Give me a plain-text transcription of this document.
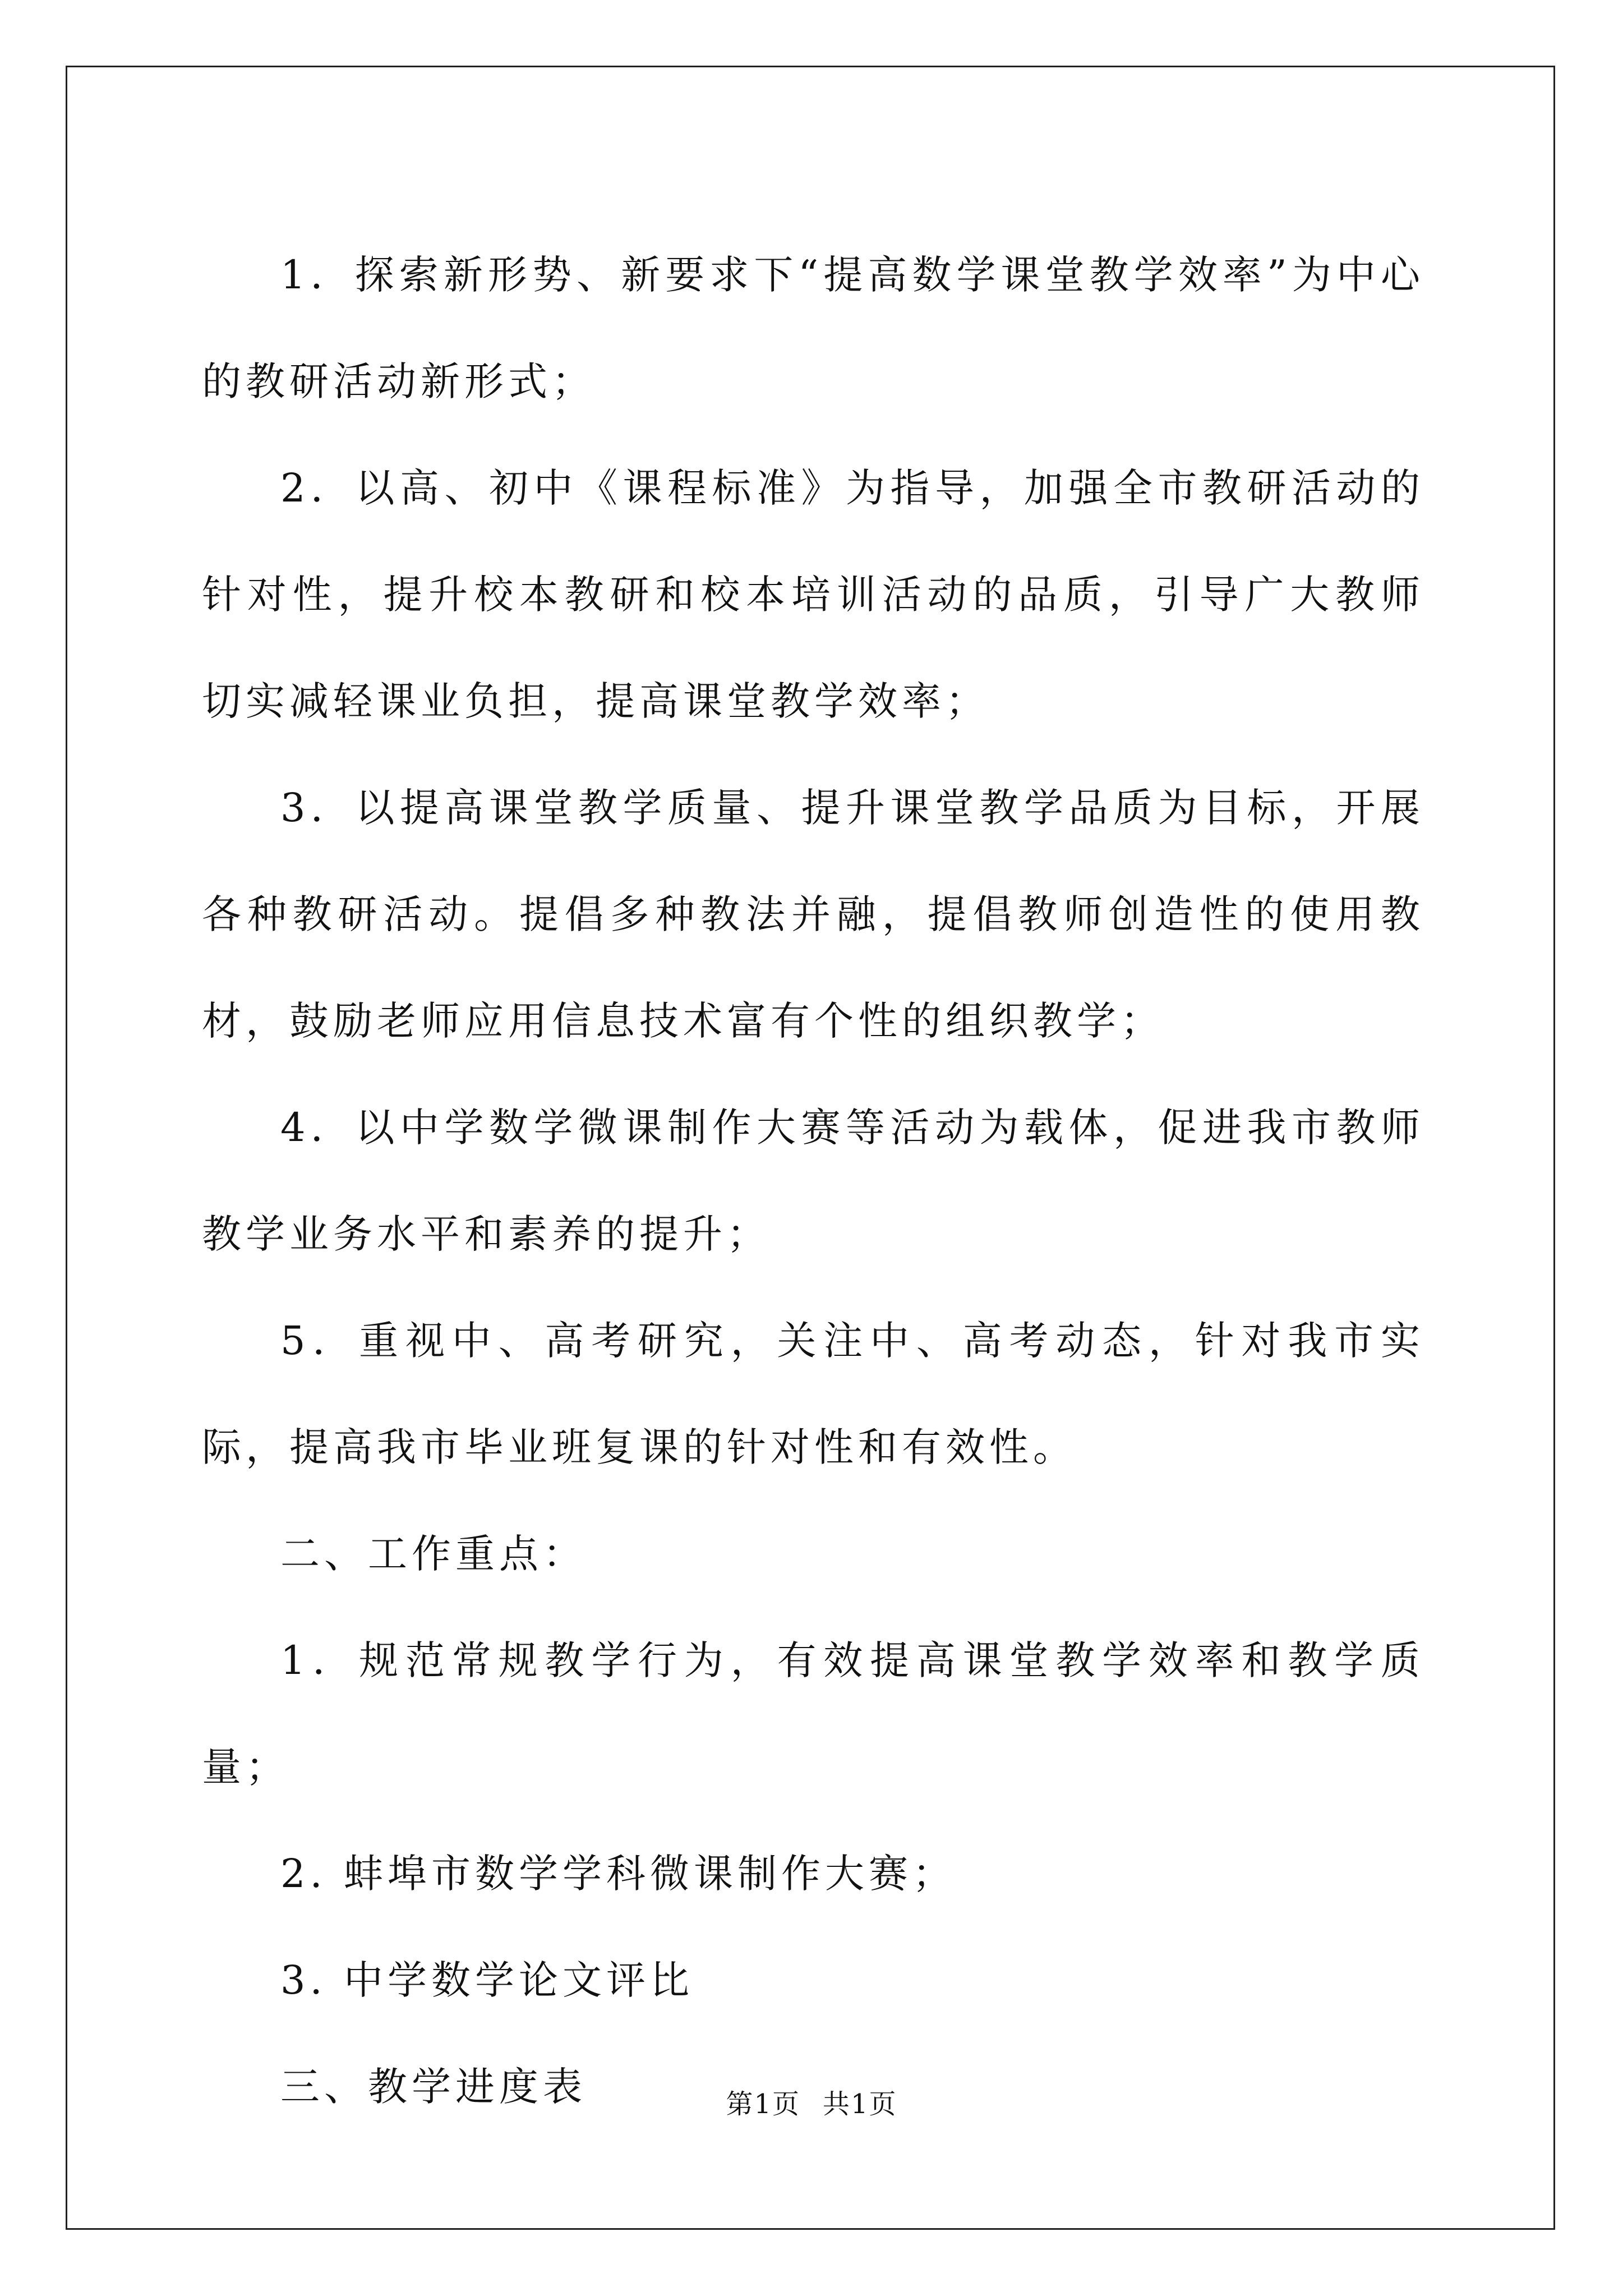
1．探索新形势、新要求下“提高数学课堂教学效率”为中心的教研活动新形式；

2．以高、初中《课程标准》为指导，加强全市教研活动的针对性，提升校本教研和校本培训活动的品质，引导广大教师切实减轻课业负担，提高课堂教学效率；

3．以提高课堂教学质量、提升课堂教学品质为目标，开展各种教研活动。提倡多种教法并融，提倡教师创造性的使用教材，鼓励老师应用信息技术富有个性的组织教学；

4．以中学数学微课制作大赛等活动为载体，促进我市教师教学业务水平和素养的提升；

5．重视中、高考研究，关注中、高考动态，针对我市实际，提高我市毕业班复课的针对性和有效性。

二、工作重点：

1．规范常规教学行为，有效提高课堂教学效率和教学质量；

2. 蚌埠市数学学科微课制作大赛；

3. 中学数学论文评比

三、教学进度表	第1页 共1页
